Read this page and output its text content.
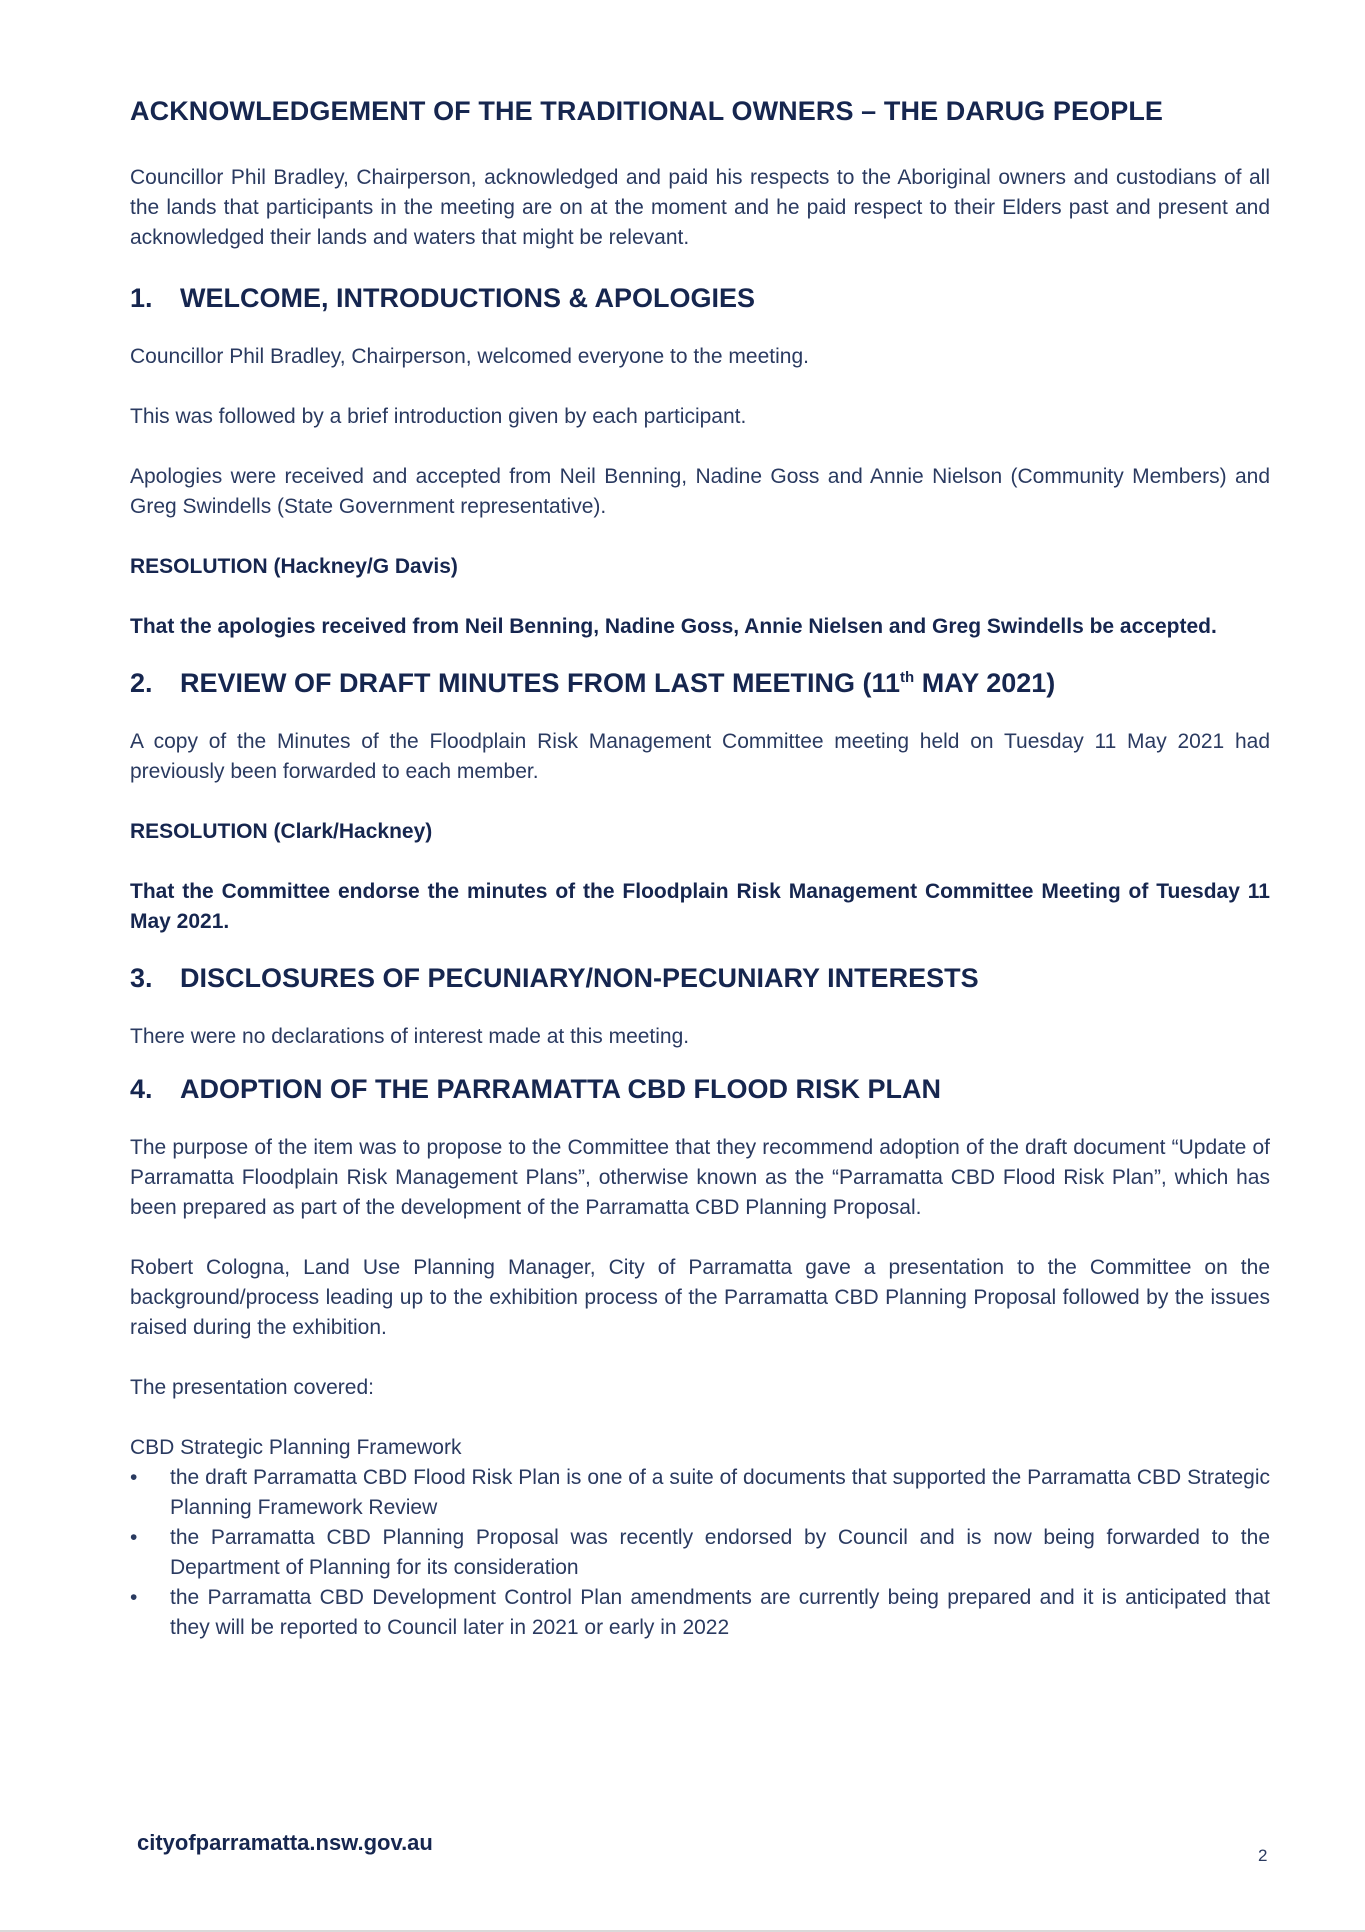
ACKNOWLEDGEMENT OF THE TRADITIONAL OWNERS – THE DARUG PEOPLE

Councillor Phil Bradley, Chairperson, acknowledged and paid his respects to the Aboriginal owners and custodians of all the lands that participants in the meeting are on at the moment and he paid respect to their Elders past and present and acknowledged their lands and waters that might be relevant.

1.	WELCOME, INTRODUCTIONS & APOLOGIES

Councillor Phil Bradley, Chairperson, welcomed everyone to the meeting.

This was followed by a brief introduction given by each participant.

Apologies were received and accepted from Neil Benning, Nadine Goss and Annie Nielson (Community Members) and Greg Swindells (State Government representative).

RESOLUTION (Hackney/G Davis)

That the apologies received from Neil Benning, Nadine Goss, Annie Nielsen and Greg Swindells be accepted.

2.	REVIEW OF DRAFT MINUTES FROM LAST MEETING (11th MAY 2021)

A copy of the Minutes of the Floodplain Risk Management Committee meeting held on Tuesday 11 May 2021 had previously been forwarded to each member.

RESOLUTION (Clark/Hackney)

That the Committee endorse the minutes of the Floodplain Risk Management Committee Meeting of Tuesday 11 May 2021.

3.	DISCLOSURES OF PECUNIARY/NON-PECUNIARY INTERESTS

There were no declarations of interest made at this meeting.

4.	ADOPTION OF THE PARRAMATTA CBD FLOOD RISK PLAN

The purpose of the item was to propose to the Committee that they recommend adoption of the draft document “Update of Parramatta Floodplain Risk Management Plans”, otherwise known as the “Parramatta CBD Flood Risk Plan”, which has been prepared as part of the development of the Parramatta CBD Planning Proposal.

Robert Cologna, Land Use Planning Manager, City of Parramatta gave a presentation to the Committee on the background/process leading up to the exhibition process of the Parramatta CBD Planning Proposal followed by the issues raised during the exhibition.

The presentation covered:

CBD Strategic Planning Framework

• the draft Parramatta CBD Flood Risk Plan is one of a suite of documents that supported the Parramatta CBD Strategic Planning Framework Review
• the Parramatta CBD Planning Proposal was recently endorsed by Council and is now being forwarded to the Department of Planning for its consideration
• the Parramatta CBD Development Control Plan amendments are currently being prepared and it is anticipated that they will be reported to Council later in 2021 or early in 2022
cityofparramatta.nsw.gov.au
2
